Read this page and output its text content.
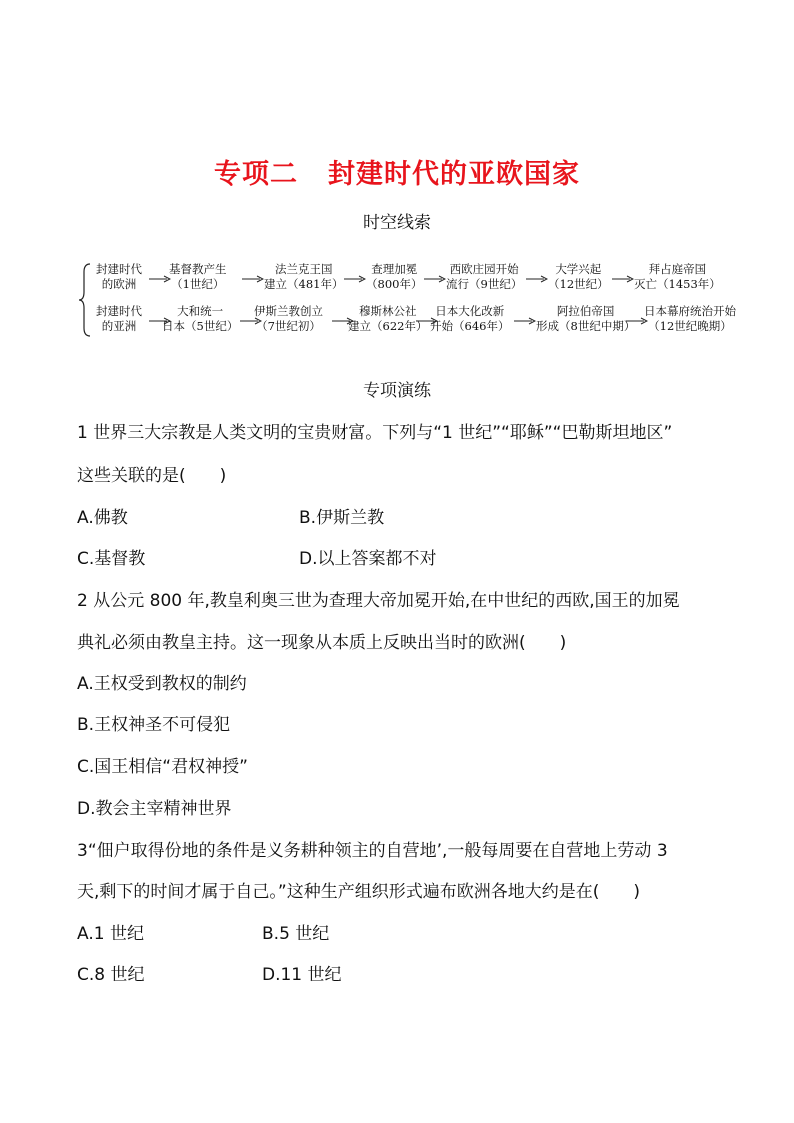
专项二 封建时代的亚欧国家
时空线索
封建时代
的欧洲
基督教产生
（1世纪）
法兰克王国
建立（481年）
查理加冕
（800年）
西欧庄园开始
流行（9世纪）
大学兴起
（12世纪）
拜占庭帝国
灭亡（1453年）
封建时代
的亚洲
大和统一
日本（5世纪）
伊斯兰教创立
（7世纪初）
穆斯林公社
建立（622年）
日本大化改新
开始（646年）
阿拉伯帝国
形成（8世纪中期）
日本幕府统治开始
（12世纪晚期）
专项演练
1 世界三大宗教是人类文明的宝贵财富。下列与“1 世纪”“耶稣”“巴勒斯坦地区”
这些关联的是(　　)
A.佛教	B.伊斯兰教
C.基督教	D.以上答案都不对
2 从公元 800 年,教皇利奥三世为查理大帝加冕开始,在中世纪的西欧,国王的加冕
典礼必须由教皇主持。这一现象从本质上反映出当时的欧洲(　　)
A.王权受到教权的制约
B.王权神圣不可侵犯
C.国王相信“君权神授”
D.教会主宰精神世界
3“佃户取得份地的条件是义务耕种领主的自营地’,一般每周要在自营地上劳动 3
天,剩下的时间才属于自己。”这种生产组织形式遍布欧洲各地大约是在(　　)
A.1 世纪	B.5 世纪
C.8 世纪	D.11 世纪
